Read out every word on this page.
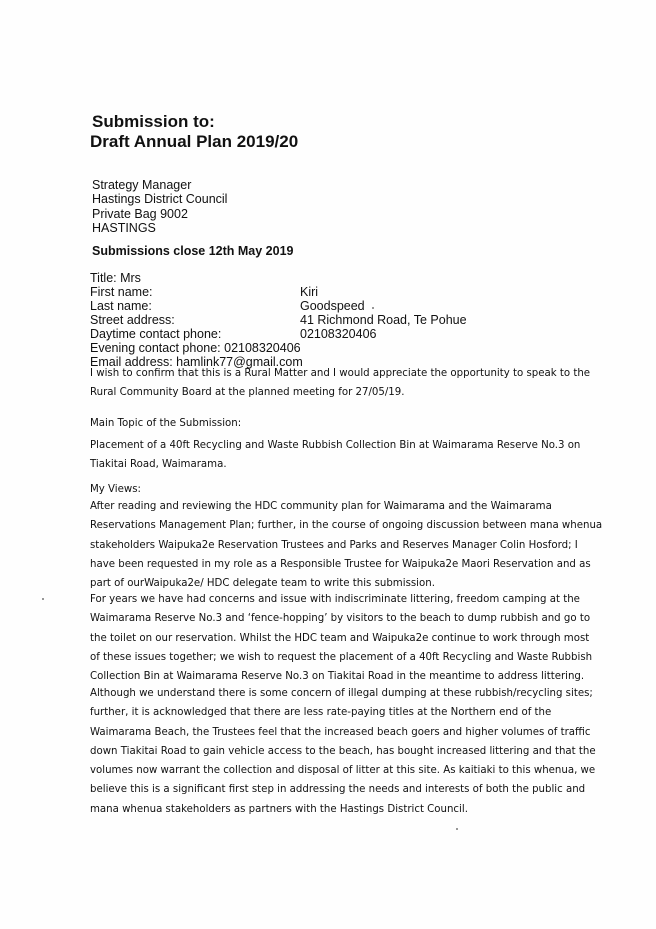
Submission to:
Draft Annual Plan 2019/20
Strategy Manager
Hastings District Council
Private Bag 9002
HASTINGS
Submissions close 12th May 2019
Title: Mrs
First name:	Kiri
Last name:	Goodspeed
Street address:	41 Richmond Road, Te Pohue
Daytime contact phone:	02108320406
Evening contact phone: 02108320406
Email address: hamlink77@gmail.com
I wish to confirm that this is a Rural Matter and I would appreciate the opportunity to speak to the
Rural Community Board at the planned meeting for 27/05/19.
Main Topic of the Submission:
Placement of a 40ft Recycling and Waste Rubbish Collection Bin at Waimarama Reserve No.3 on
Tiakitai Road, Waimarama.
My Views:
After reading and reviewing the HDC community plan for Waimarama and the Waimarama
Reservations Management Plan; further, in the course of ongoing discussion between mana whenua
stakeholders Waipuka2e Reservation Trustees and Parks and Reserves Manager Colin Hosford; I
have been requested in my role as a Responsible Trustee for Waipuka2e Maori Reservation and as
part of ourWaipuka2e/ HDC delegate team to write this submission.
For years we have had concerns and issue with indiscriminate littering, freedom camping at the
Waimarama Reserve No.3 and ‘fence-hopping’ by visitors to the beach to dump rubbish and go to
the toilet on our reservation. Whilst the HDC team and Waipuka2e continue to work through most
of these issues together; we wish to request the placement of a 40ft Recycling and Waste Rubbish
Collection Bin at Waimarama Reserve No.3 on Tiakitai Road in the meantime to address littering.
Although we understand there is some concern of illegal dumping at these rubbish/recycling sites;
further, it is acknowledged that there are less rate-paying titles at the Northern end of the
Waimarama Beach, the Trustees feel that the increased beach goers and higher volumes of traffic
down Tiakitai Road to gain vehicle access to the beach, has bought increased littering and that the
volumes now warrant the collection and disposal of litter at this site. As kaitiaki to this whenua, we
believe this is a significant first step in addressing the needs and interests of both the public and
mana whenua stakeholders as partners with the Hastings District Council.
